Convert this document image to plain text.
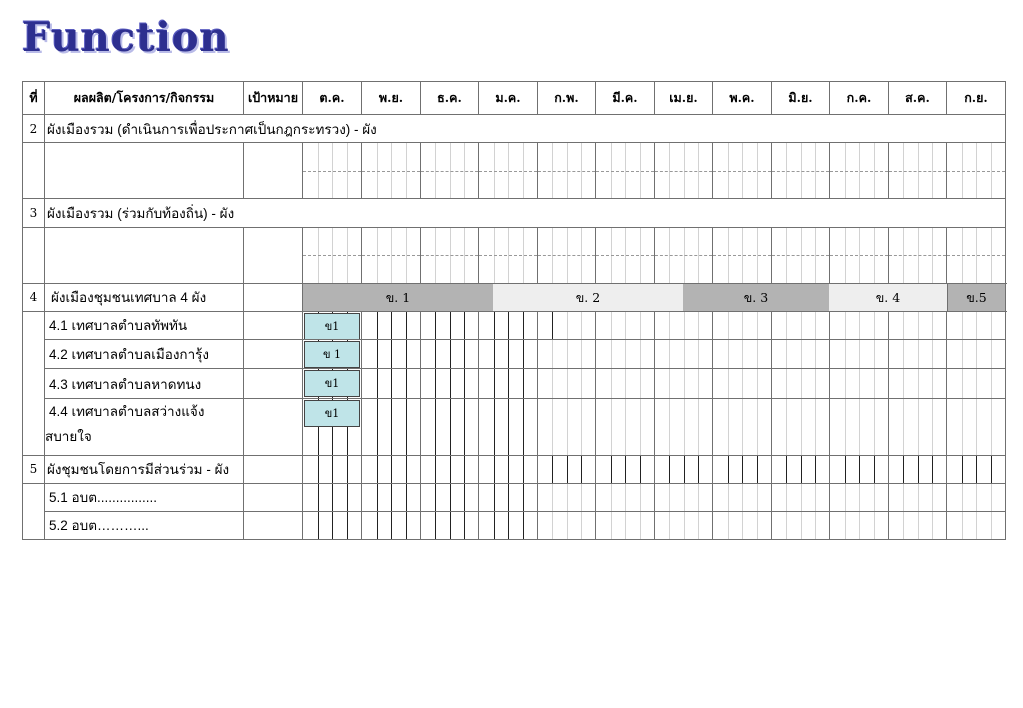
Function
ที่	ผลผลิต/โครงการ/กิจกรรม	เป้าหมาย	ต.ค.	พ.ย.	ธ.ค.	ม.ค.	ก.พ.	มี.ค.	เม.ย.	พ.ค.	มิ.ย.	ก.ค.	ส.ค.	ก.ย.
2	ผังเมืองรวม (ดำเนินการเพื่อประกาศเป็นกฎกระทรวง) - ผัง													

3	ผังเมืองรวม (ร่วมกับท้องถิ่น) - ผัง													

4	ผังเมืองชุมชนเทศบาล 4 ผัง		ข. 1 ข. 2 ข. 3 ข. 4 ข.5											

	4.1 เทศบาลตำบลทัพทัน		ข1											

	4.2 เทศบาลตำบลเมืองการุ้ง		ข 1											

	4.3 เทศบาลตำบลหาดทนง		ข1											

	4.4 เทศบาลตำบลสว่างแจ้ง
สบายใจ		ข1											

5	ผังชุมชนโดยการมีส่วนร่วม - ผัง		

	5.1 อบต................		

	5.2 อบต………...		
